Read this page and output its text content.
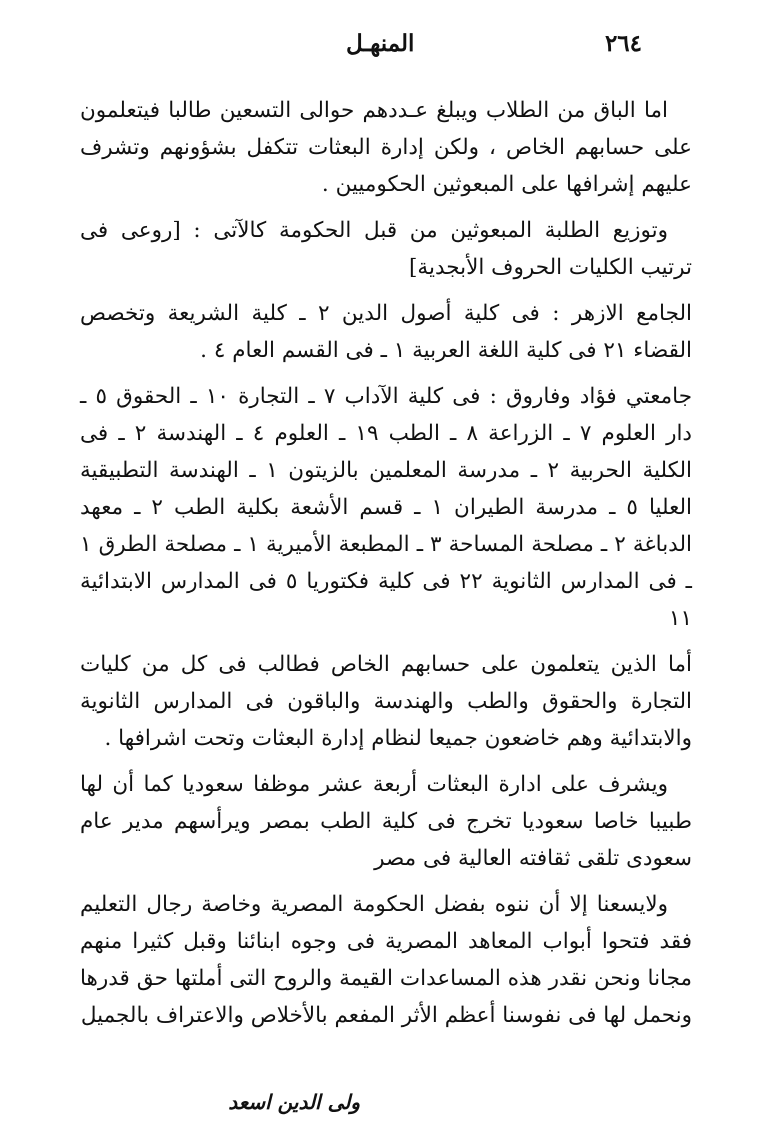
٢٦٤
المنهـل

اما الباق من الطلاب ويبلغ عـددهم حوالى التسعين طالبا فيتعلمون على حسابهم الخاص ، ولكن إدارة البعثات تتكفل بشؤونهم وتشرف عليهم إشرافها على المبعوثين الحكوميين .

وتوزيع الطلبة المبعوثين من قبل الحكومة كالآتى : [روعى فى ترتيب الكليات الحروف الأبجدية]

الجامع الازهر : فى كلية أصول الدين ٢ ـ كلية الشريعة وتخصص القضاء ٢١ فى كلية اللغة العربية ١ ـ فى القسم العام ٤ .

جامعتي فؤاد وفاروق : فى كلية الآداب ٧ ـ التجارة ١٠ ـ الحقوق ٥ ـ دار العلوم ٧ ـ الزراعة ٨ ـ الطب ١٩ ـ العلوم ٤ ـ الهندسة ٢ ـ فى الكلية الحربية ٢ ـ مدرسة المعلمين بالزيتون ١ ـ الهندسة التطبيقية العليا ٥ ـ مدرسة الطيران ١ ـ قسم الأشعة بكلية الطب ٢ ـ معهد الدباغة ٢ ـ مصلحة المساحة ٣ ـ المطبعة الأميرية ١ ـ مصلحة الطرق ١ ـ فى المدارس الثانوية ٢٢ فى كلية فكتوريا ٥ فى المدارس الابتدائية ١١

أما الذين يتعلمون على حسابهم الخاص فطالب فى كل من كليات التجارة والحقوق والطب والهندسة والباقون فى المدارس الثانوية والابتدائية وهم خاضعون جميعا لنظام إدارة البعثات وتحت اشرافها .

ويشرف على ادارة البعثات أربعة عشر موظفا سعوديا كما أن لها طبيبا خاصا سعوديا تخرج فى كلية الطب بمصر ويرأسهم مدير عام سعودى تلقى ثقافته العالية فى مصر

ولايسعنا إلا أن ننوه بفضل الحكومة المصرية وخاصة رجال التعليم فقد فتحوا أبواب المعاهد المصرية فى وجوه ابنائنا وقبل كثيرا منهم مجانا ونحن نقدر هذه المساعدات القيمة والروح التى أملتها حق قدرها ونحمل لها فى نفوسنا أعظم الأثر المفعم بالأخلاص والاعتراف بالجميل

ولى الدين اسعد
